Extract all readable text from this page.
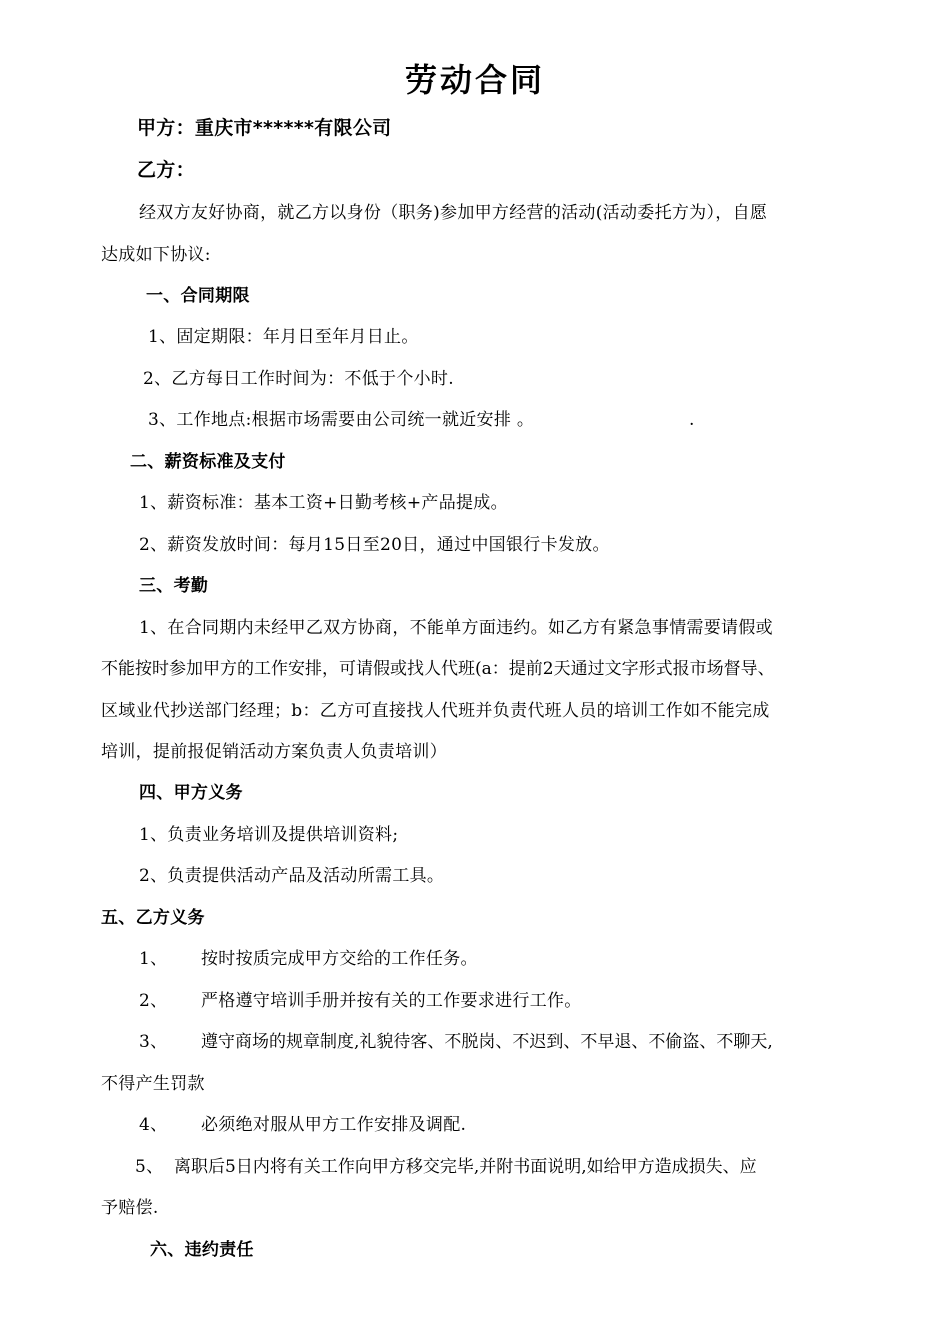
劳动合同
甲方：重庆市******有限公司
乙方：
经双方友好协商，就乙方以身份（职务)参加甲方经营的活动(活动委托方为），自愿
达成如下协议:
一、合同期限
1、固定期限：年月日至年月日止。
2、乙方每日工作时间为：不低于个小时.
3、工作地点:根据市场需要由公司统一就近安排 。	.
二、薪资标准及支付
1、薪资标准：基本工资+日勤考核+产品提成。
2、薪资发放时间：每月15日至20日，通过中国银行卡发放。
三、考勤
1、在合同期内未经甲乙双方协商，不能单方面违约。如乙方有紧急事情需要请假或
不能按时参加甲方的工作安排，可请假或找人代班(a：提前2天通过文字形式报市场督导、
区域业代抄送部门经理；b：乙方可直接找人代班并负责代班人员的培训工作如不能完成
培训，提前报促销活动方案负责人负责培训）
四、甲方义务
1、负责业务培训及提供培训资料;
2、负责提供活动产品及活动所需工具。
五、乙方义务
1、 按时按质完成甲方交给的工作任务。
2、 严格遵守培训手册并按有关的工作要求进行工作。
3、 遵守商场的规章制度,礼貌待客、不脱岗、不迟到、不早退、不偷盗、不聊天,
不得产生罚款
4、 必须绝对服从甲方工作安排及调配.
5、 离职后5日内将有关工作向甲方移交完毕,并附书面说明,如给甲方造成损失、应
予赔偿.
六、违约责任
